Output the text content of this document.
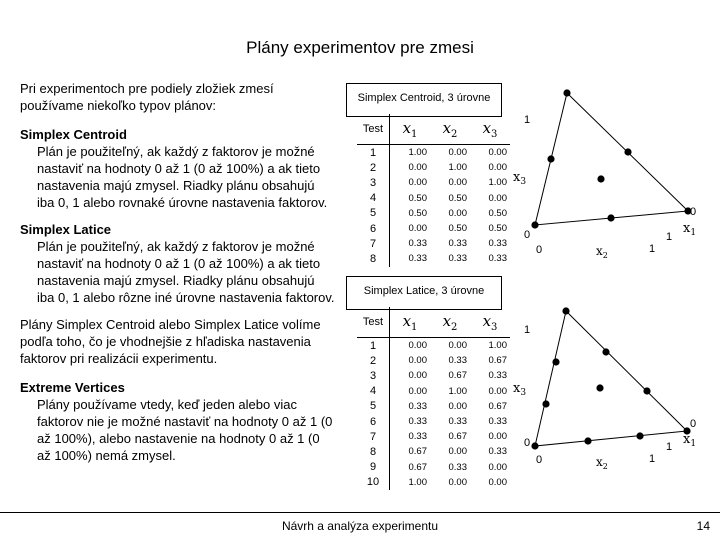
Plány experimentov pre zmesi

Pri experimentoch pre podiely zložiek zmesí používame niekoľko typov plánov:

Simplex Centroid

Plán je použiteľný, ak každý z faktorov je možné nastaviť na hodnoty 0 až 1 (0 až 100%) a ak tieto nastavenia majú zmysel. Riadky plánu obsahujú iba 0, 1 alebo rovnaké úrovne nastavenia faktorov.

Simplex Latice

Plán je použiteľný, ak každý z faktorov je možné nastaviť na hodnoty 0 až 1 (0 až 100%) a ak tieto nastavenia majú zmysel. Riadky plánu obsahujú iba 0, 1 alebo rôzne iné úrovne nastavenia faktorov.

Plány Simplex Centroid alebo Simplex Latice volíme podľa toho, čo je vhodnejšie z hľadiska nastavenia faktorov pri realizácii experimentu.

Extreme Vertices

Plány používame vtedy, keď jeden alebo viac faktorov nie je možné nastaviť na hodnoty 0 až 1 (0 až 100%), alebo nastavenie na hodnoty 0 až 1 (0 až 100%) nemá zmysel.

Simplex Centroid, 3 úrovne
Test	$x_1$	$x_2$	$x_3$
1	1.00	0.00	0.00
2	0.00	1.00	0.00
3	0.00	0.00	1.00
4	0.50	0.50	0.00
5	0.50	0.00	0.50
6	0.00	0.50	0.50
7	0.33	0.33	0.33
8	0.33	0.33	0.33
Simplex Latice, 3 úrovne
Test	$x_1$	$x_2$	$x_3$
1	0.00	0.00	1.00
2	0.00	0.33	0.67
3	0.00	0.67	0.33
4	0.00	1.00	0.00
5	0.33	0.00	0.67
6	0.33	0.33	0.33
7	0.33	0.67	0.00
8	0.67	0.00	0.33
9	0.67	0.33	0.00
10	1.00	0.00	0.00
1
$x_3$
0
0	$x_2$
1
1
0
$x_1$
1
$x_3$
0
0	$x_2$
1
1
0
$x_1$
Návrh a analýza experimentu	14
